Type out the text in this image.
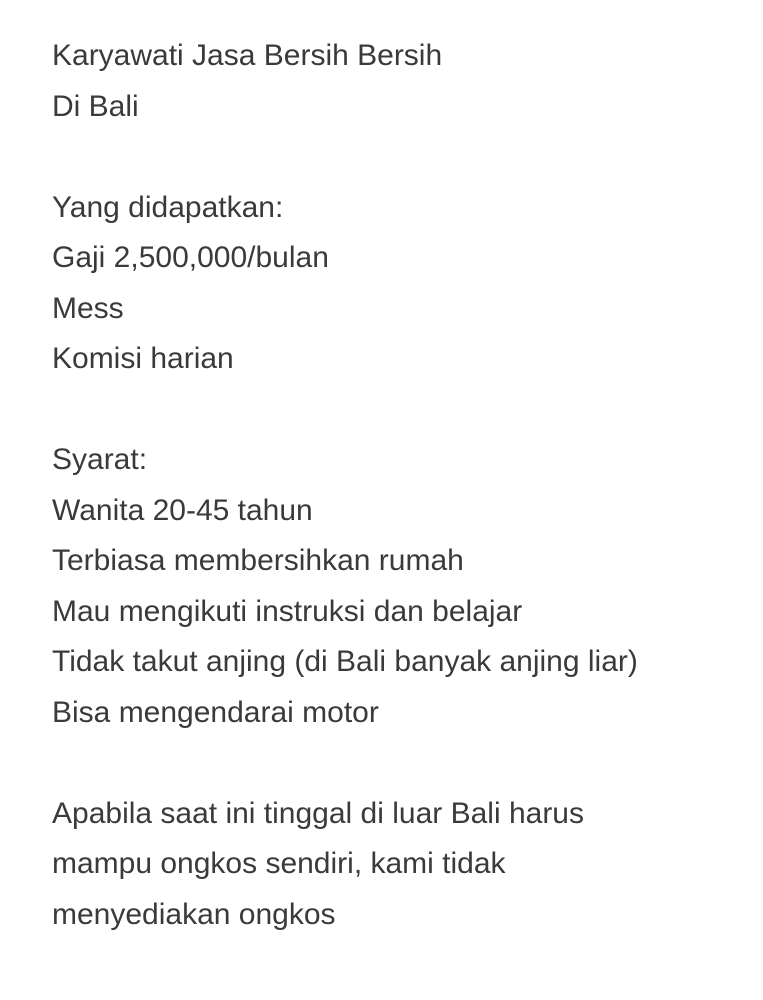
Karyawati Jasa Bersih Bersih
Di Bali
Yang didapatkan:
Gaji 2,500,000/bulan
Mess
Komisi harian
Syarat:
Wanita 20-45 tahun
Terbiasa membersihkan rumah
Mau mengikuti instruksi dan belajar
Tidak takut anjing (di Bali banyak anjing liar)
Bisa mengendarai motor
Apabila saat ini tinggal di luar Bali harus
mampu ongkos sendiri, kami tidak
menyediakan ongkos
